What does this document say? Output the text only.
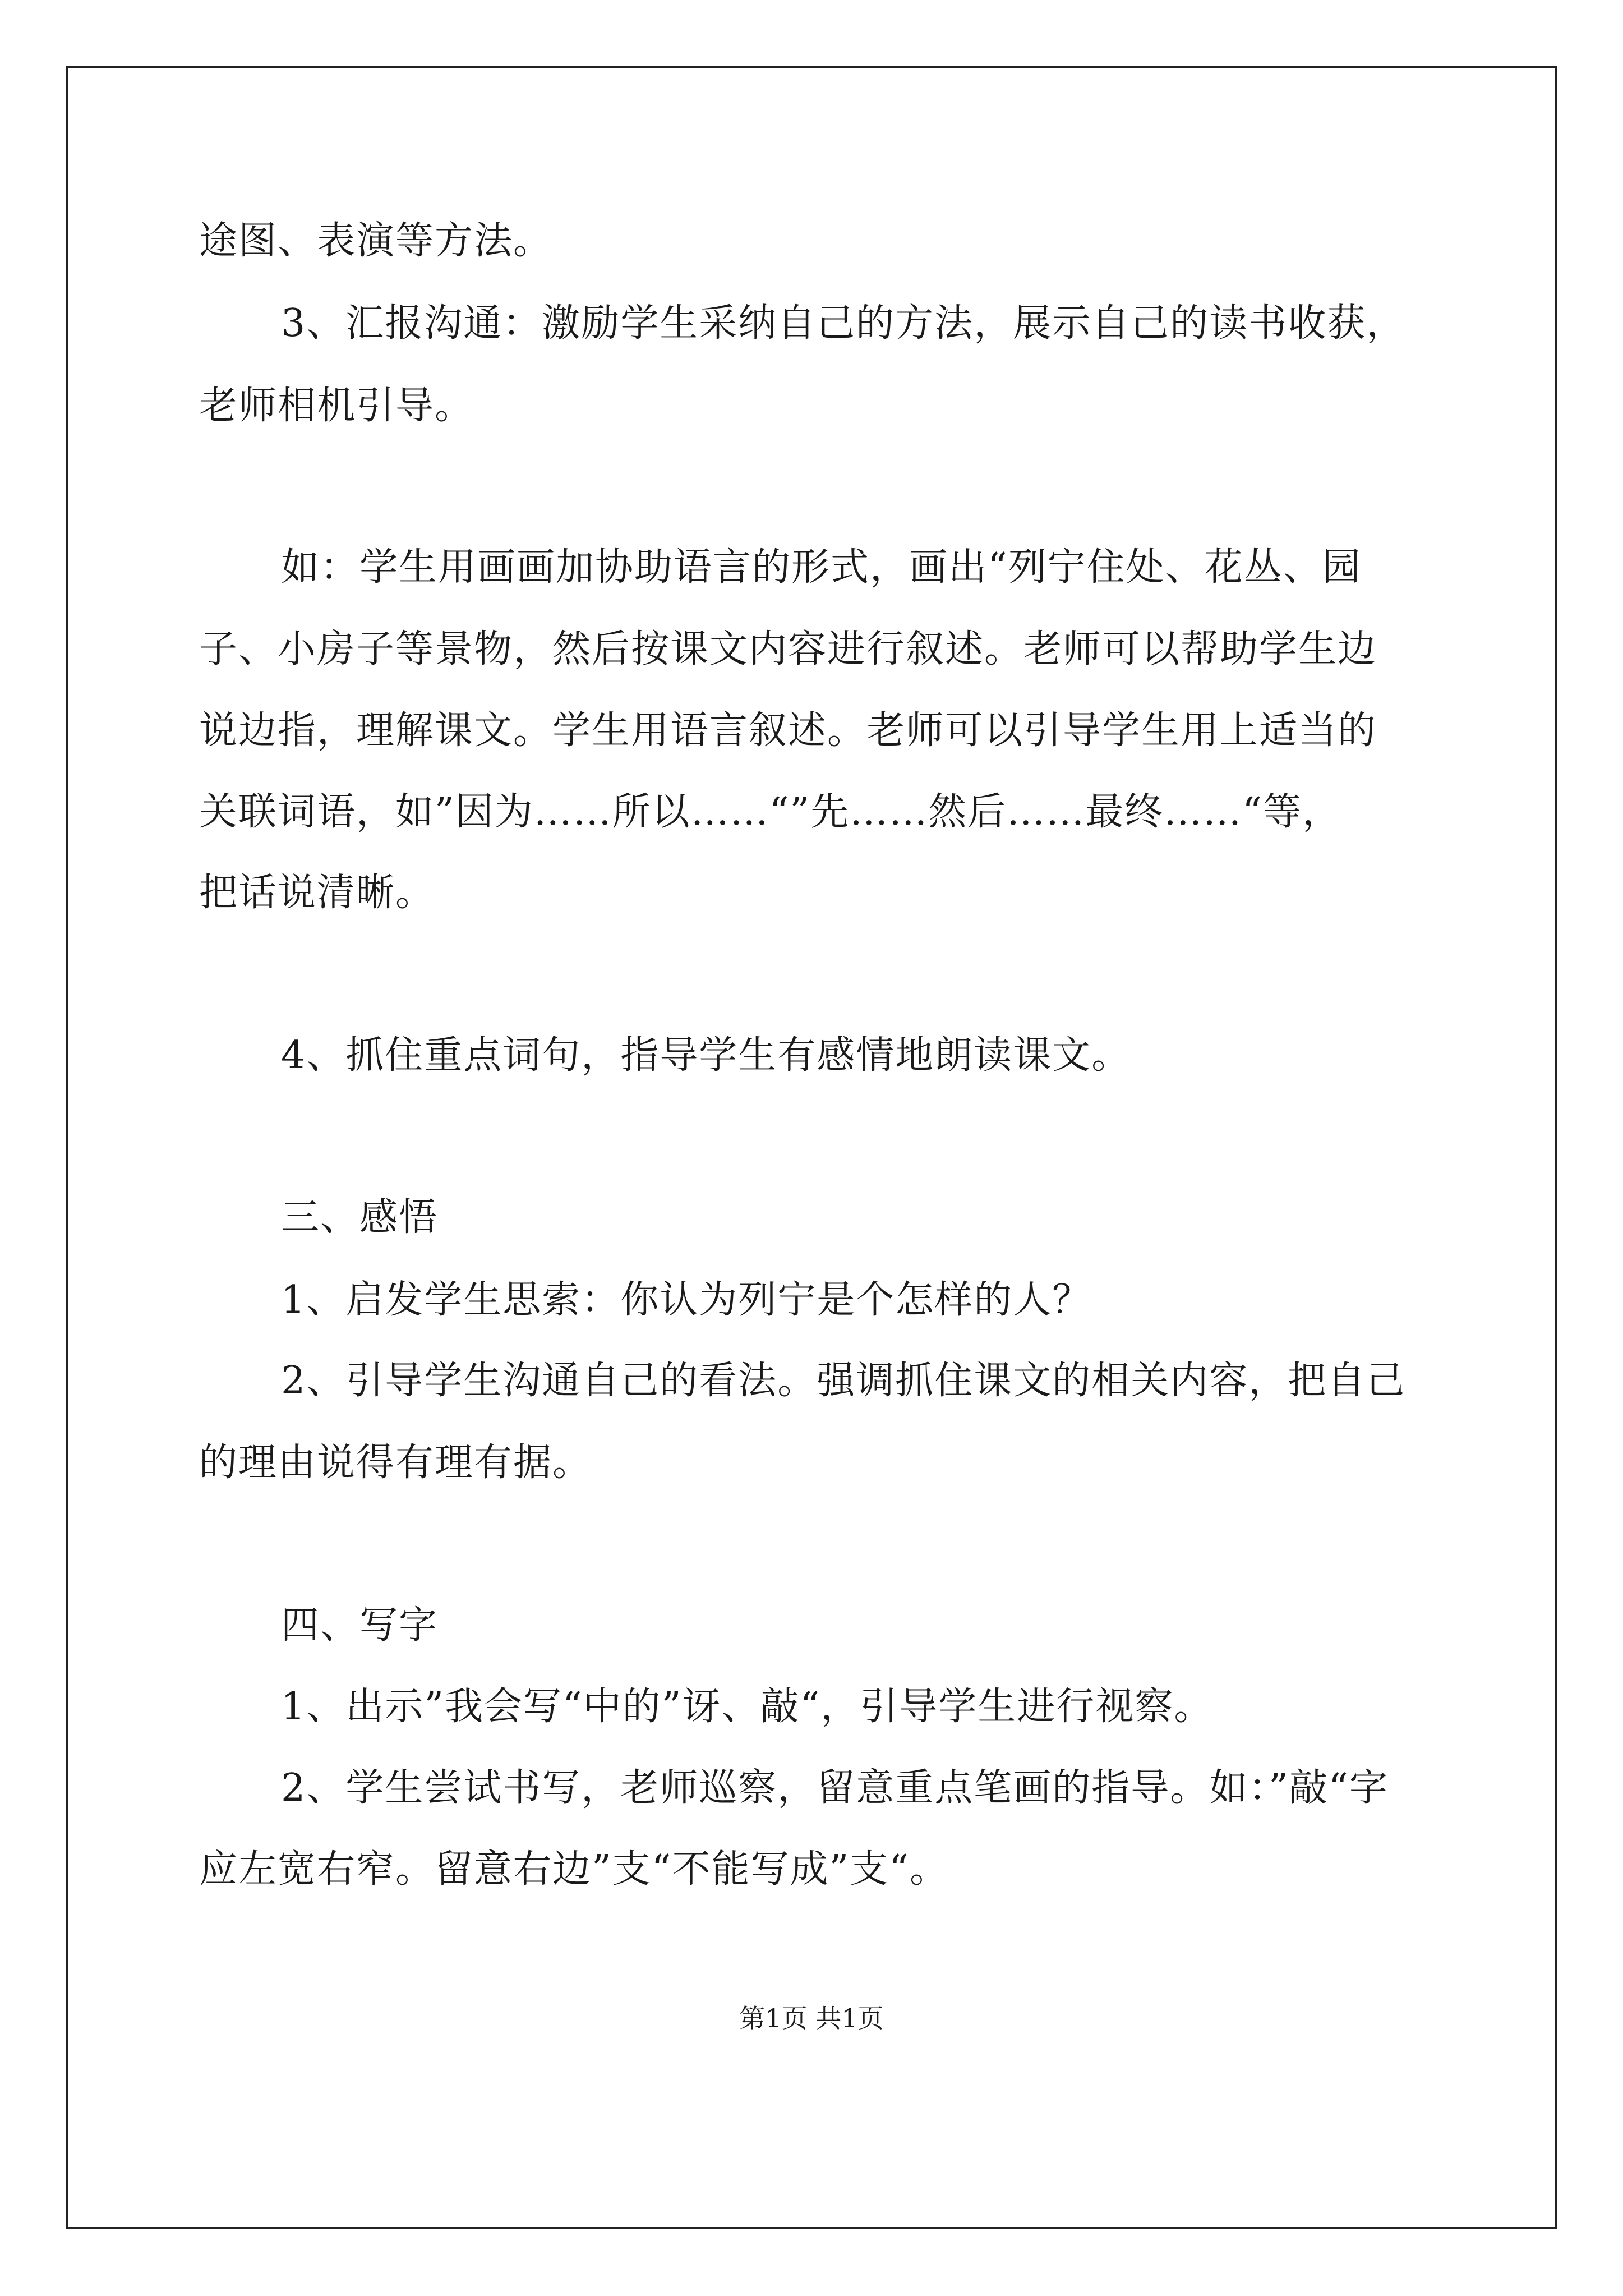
途图、表演等方法。
3、汇报沟通：激励学生采纳自己的方法，展示自己的读书收获，
老师相机引导。
如：学生用画画加协助语言的形式，画出“列宁住处、花丛、园
子、小房子等景物，然后按课文内容进行叙述。老师可以帮助学生边
说边指，理解课文。学生用语言叙述。老师可以引导学生用上适当的
关联词语，如”因为……所以……“”先……然后……最终……“等，
把话说清晰。
4、抓住重点词句，指导学生有感情地朗读课文。
三、感悟
1、启发学生思索：你认为列宁是个怎样的人？
2、引导学生沟通自己的看法。强调抓住课文的相关内容，把自己
的理由说得有理有据。
四、写字
1、出示”我会写“中的”讶、敲“，引导学生进行视察。
2、学生尝试书写，老师巡察，留意重点笔画的指导。如：”敲“字
应左宽右窄。留意右边”支“不能写成”支“。
第1页 共1页
